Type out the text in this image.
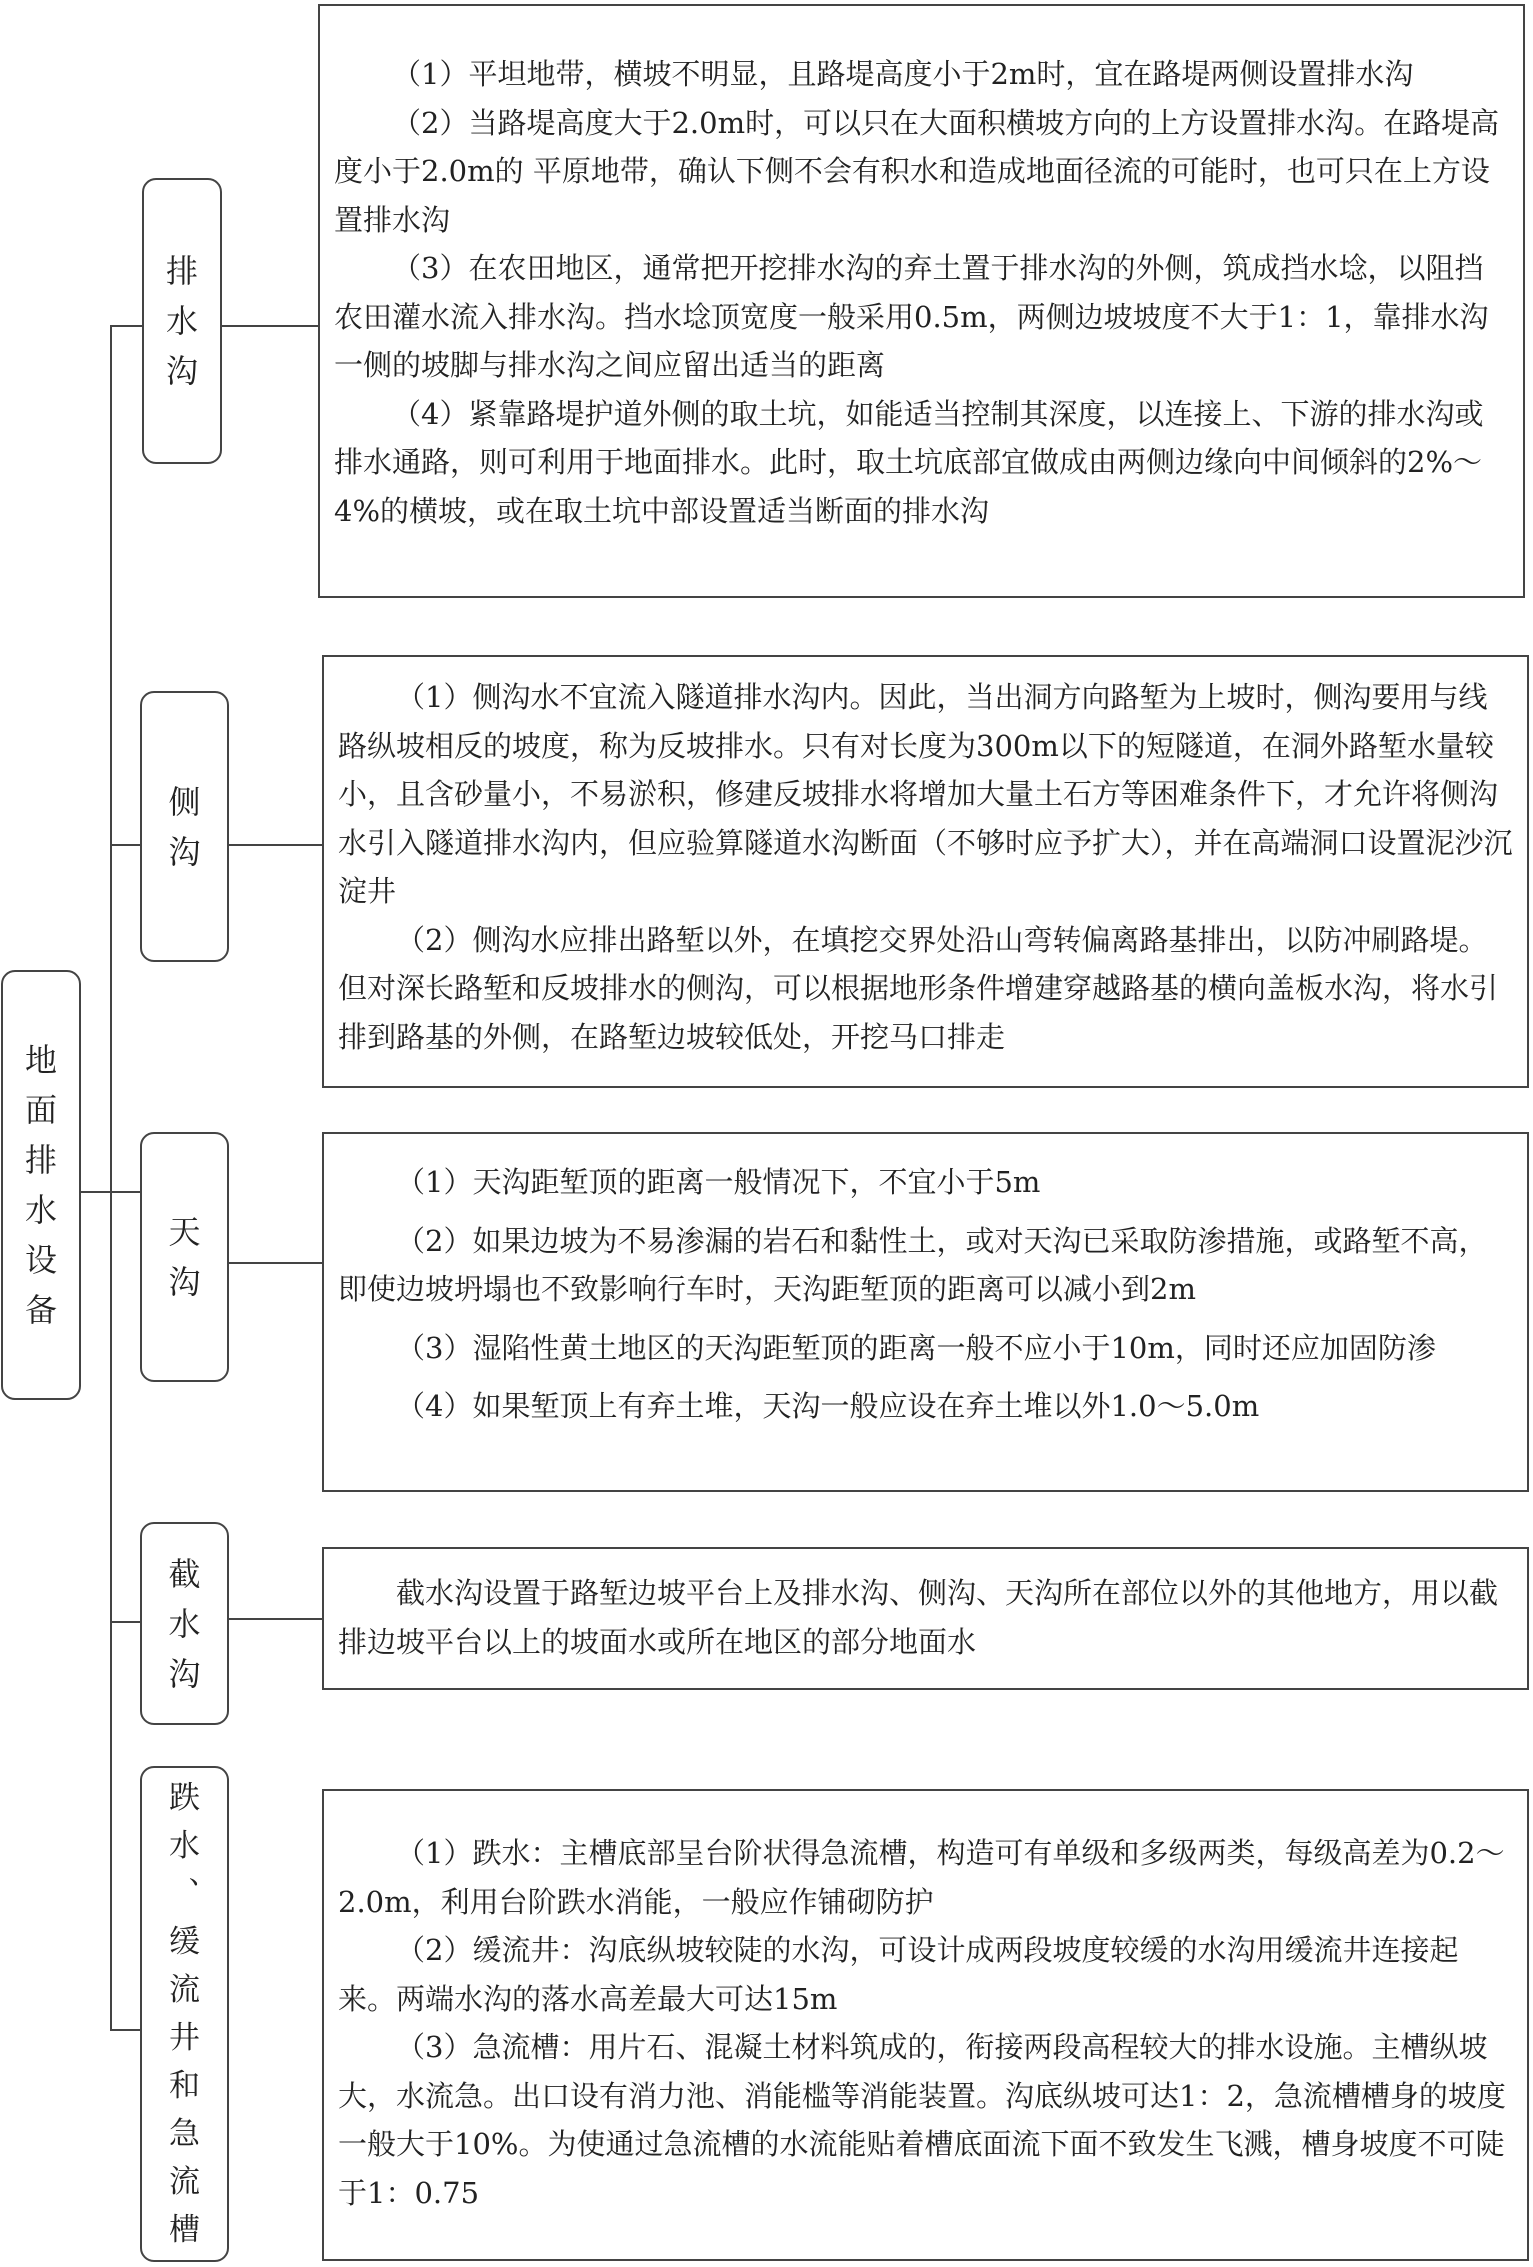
地
面
排
水
设
备
排
水
沟
侧
沟
天
沟
截
水
沟
跌
水
︑
缓
流
井
和
急
流
槽

（1）平坦地带，横坡不明显，且路堤高度小于2m时，宜在路堤两侧设置排水沟

（2）当路堤高度大于2.0m时，可以只在大面积横坡方向的上方设置排水沟。在路堤高度小于2.0m的 平原地带，确认下侧不会有积水和造成地面径流的可能时，也可只在上方设置排水沟

（3）在农田地区，通常把开挖排水沟的弃土置于排水沟的外侧，筑成挡水埝，以阻挡农田灌水流入排水沟。挡水埝顶宽度一般采用0.5m，两侧边坡坡度不大于1：1，靠排水沟一侧的坡脚与排水沟之间应留出适当的距离

（4）紧靠路堤护道外侧的取土坑，如能适当控制其深度，以连接上、下游的排水沟或排水通路，则可利用于地面排水。此时，取土坑底部宜做成由两侧边缘向中间倾斜的2%～4%的横坡，或在取土坑中部设置适当断面的排水沟

（1）侧沟水不宜流入隧道排水沟内。因此，当出洞方向路堑为上坡时，侧沟要用与线路纵坡相反的坡度，称为反坡排水。只有对长度为300m以下的短隧道，在洞外路堑水量较小，且含砂量小，不易淤积，修建反坡排水将增加大量土石方等困难条件下，才允许将侧沟水引入隧道排水沟内，但应验算隧道水沟断面（不够时应予扩大），并在高端洞口设置泥沙沉淀井

（2）侧沟水应排出路堑以外，在填挖交界处沿山弯转偏离路基排出，以防冲刷路堤。但对深长路堑和反坡排水的侧沟，可以根据地形条件增建穿越路基的横向盖板水沟，将水引排到路基的外侧，在路堑边坡较低处，开挖马口排走

（1）天沟距堑顶的距离一般情况下，不宜小于5m

（2）如果边坡为不易渗漏的岩石和黏性土，或对天沟已采取防渗措施，或路堑不高，即使边坡坍塌也不致影响行车时，天沟距堑顶的距离可以减小到2m

（3）湿陷性黄土地区的天沟距堑顶的距离一般不应小于10m，同时还应加固防渗

（4）如果堑顶上有弃土堆，天沟一般应设在弃土堆以外1.0～5.0m

截水沟设置于路堑边坡平台上及排水沟、侧沟、天沟所在部位以外的其他地方，用以截排边坡平台以上的坡面水或所在地区的部分地面水

（1）跌水：主槽底部呈台阶状得急流槽，构造可有单级和多级两类，每级高差为0.2～2.0m，利用台阶跌水消能，一般应作铺砌防护

（2）缓流井：沟底纵坡较陡的水沟，可设计成两段坡度较缓的水沟用缓流井连接起来。两端水沟的落水高差最大可达15m

（3）急流槽：用片石、混凝土材料筑成的，衔接两段高程较大的排水设施。主槽纵坡大，水流急。出口设有消力池、消能槛等消能装置。沟底纵坡可达1：2，急流槽槽身的坡度一般大于10%。为使通过急流槽的水流能贴着槽底面流下面不致发生飞溅，槽身坡度不可陡于1：0.75
